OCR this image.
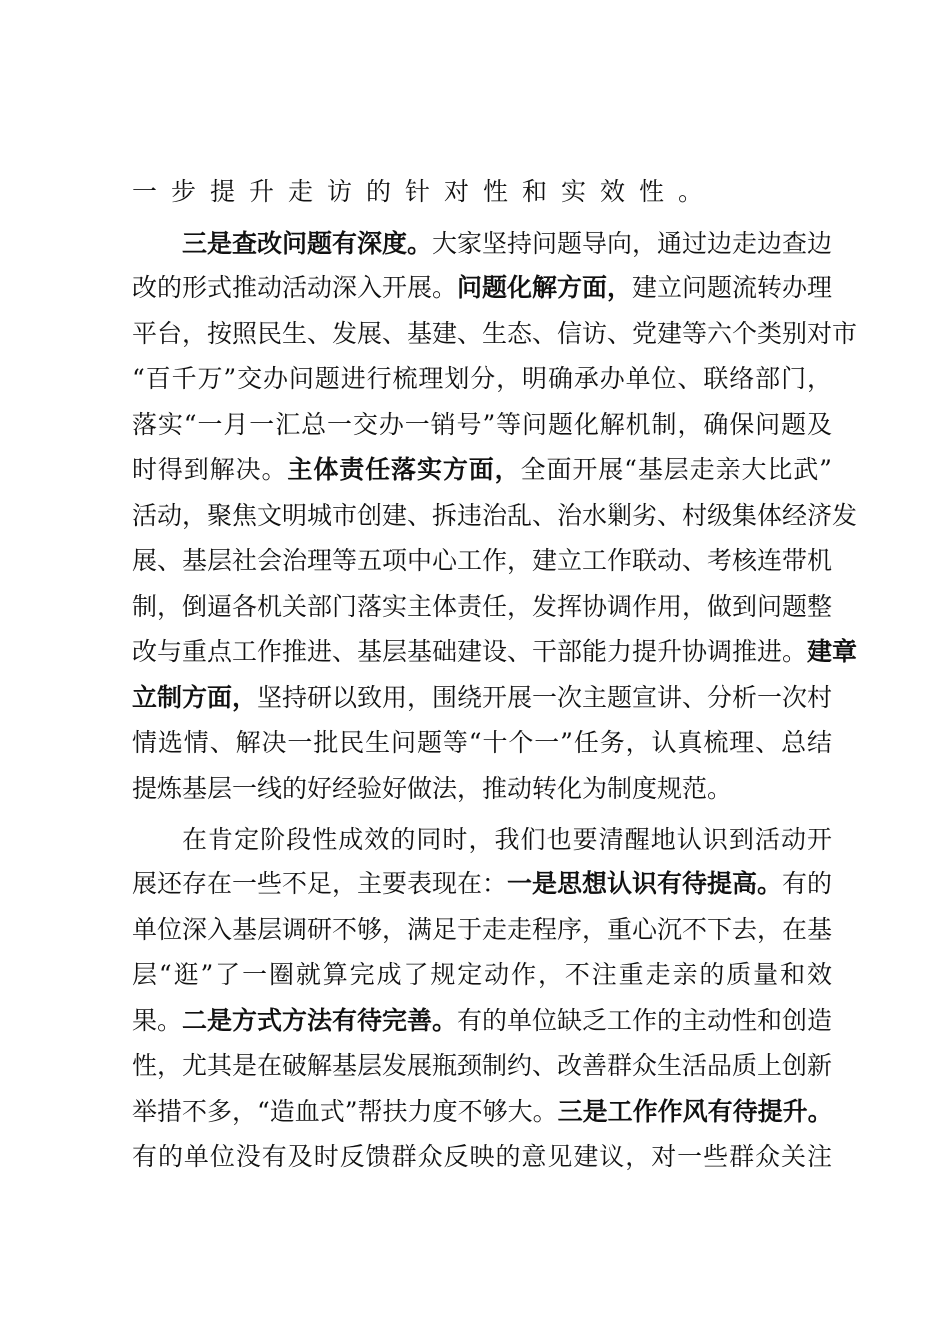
一步提升走访的针对性和实效性。
三是查改问题有深度。大家坚持问题导向，通过边走边查边
改的形式推动活动深入开展。问题化解方面，建立问题流转办理
平台，按照民生、发展、基建、生态、信访、党建等六个类别对市
“百千万”交办问题进行梳理划分，明确承办单位、联络部门，
落实“一月一汇总一交办一销号”等问题化解机制，确保问题及
时得到解决。主体责任落实方面，全面开展“基层走亲大比武”
活动，聚焦文明城市创建、拆违治乱、治水剿劣、村级集体经济发
展、基层社会治理等五项中心工作，建立工作联动、考核连带机
制，倒逼各机关部门落实主体责任，发挥协调作用，做到问题整
改与重点工作推进、基层基础建设、干部能力提升协调推进。建章
立制方面，坚持研以致用，围绕开展一次主题宣讲、分析一次村
情选情、解决一批民生问题等“十个一”任务，认真梳理、总结
提炼基层一线的好经验好做法，推动转化为制度规范。
在肯定阶段性成效的同时，我们也要清醒地认识到活动开
展还存在一些不足，主要表现在：一是思想认识有待提高。有的
单位深入基层调研不够，满足于走走程序，重心沉不下去，在基
层“逛”了一圈就算完成了规定动作，不注重走亲的质量和效
果。二是方式方法有待完善。有的单位缺乏工作的主动性和创造
性，尤其是在破解基层发展瓶颈制约、改善群众生活品质上创新
举措不多，“造血式”帮扶力度不够大。三是工作作风有待提升。
有的单位没有及时反馈群众反映的意见建议，对一些群众关注
